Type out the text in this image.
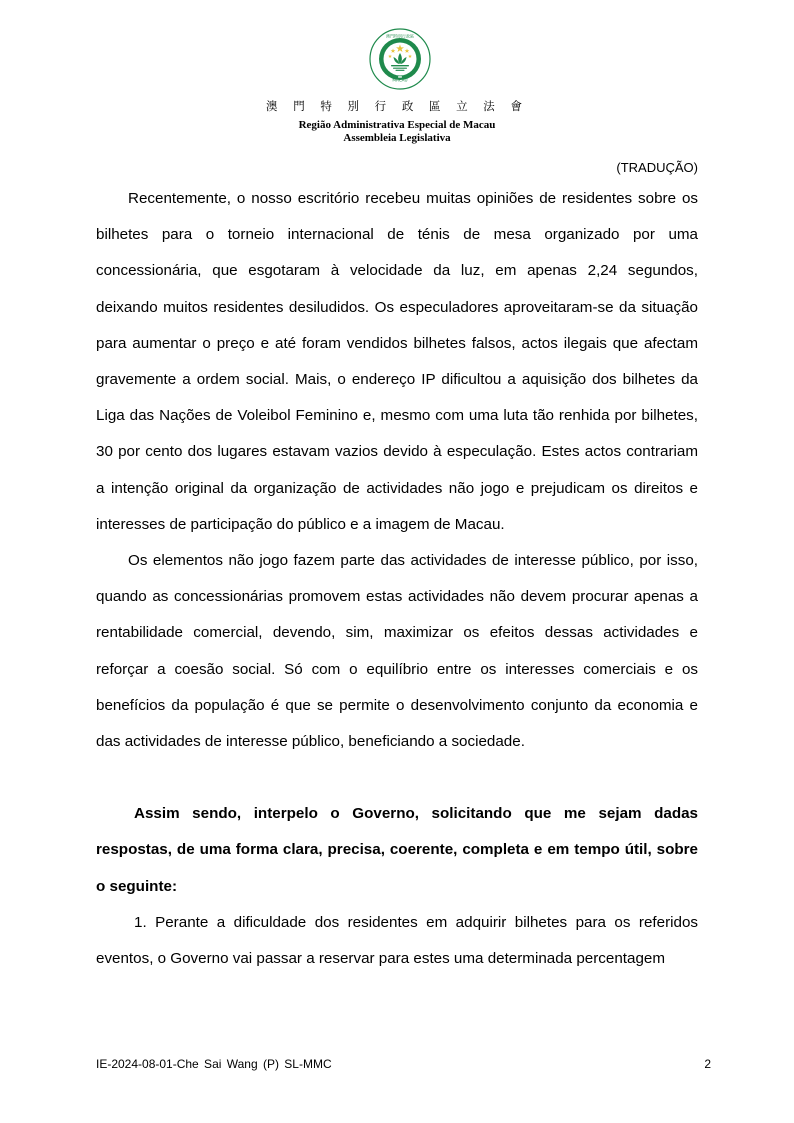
MACAU
澳門特別行政區
澳 門 特 別 行 政 區 立 法 會
Região Administrativa Especial de Macau
Assembleia Legislativa
(TRADUÇÃO)

Recentemente, o nosso escritório recebeu muitas opiniões de residentes sobre os bilhetes para o torneio internacional de ténis de mesa organizado por uma concessionária, que esgotaram à velocidade da luz, em apenas 2,24 segundos, deixando muitos residentes desiludidos. Os especuladores aproveitaram-se da situação para aumentar o preço e até foram vendidos bilhetes falsos, actos ilegais que afectam gravemente a ordem social. Mais, o endereço IP dificultou a aquisição dos bilhetes da Liga das Nações de Voleibol Feminino e, mesmo com uma luta tão renhida por bilhetes, 30 por cento dos lugares estavam vazios devido à especulação. Estes actos contrariam a intenção original da organização de actividades não jogo e prejudicam os direitos e interesses de participação do público e a imagem de Macau.

Os elementos não jogo fazem parte das actividades de interesse público, por isso, quando as concessionárias promovem estas actividades não devem procurar apenas a rentabilidade comercial, devendo, sim, maximizar os efeitos dessas actividades e reforçar a coesão social. Só com o equilíbrio entre os interesses comerciais e os benefícios da população é que se permite o desenvolvimento conjunto da economia e das actividades de interesse público, beneficiando a sociedade.

Assim sendo, interpelo o Governo, solicitando que me sejam dadas respostas, de uma forma clara, precisa, coerente, completa e em tempo útil, sobre o seguinte:

1. Perante a dificuldade dos residentes em adquirir bilhetes para os referidos eventos, o Governo vai passar a reservar para estes uma determinada percentagem

IE-2024-08-01-Che Sai Wang (P) SL-MMC	2
